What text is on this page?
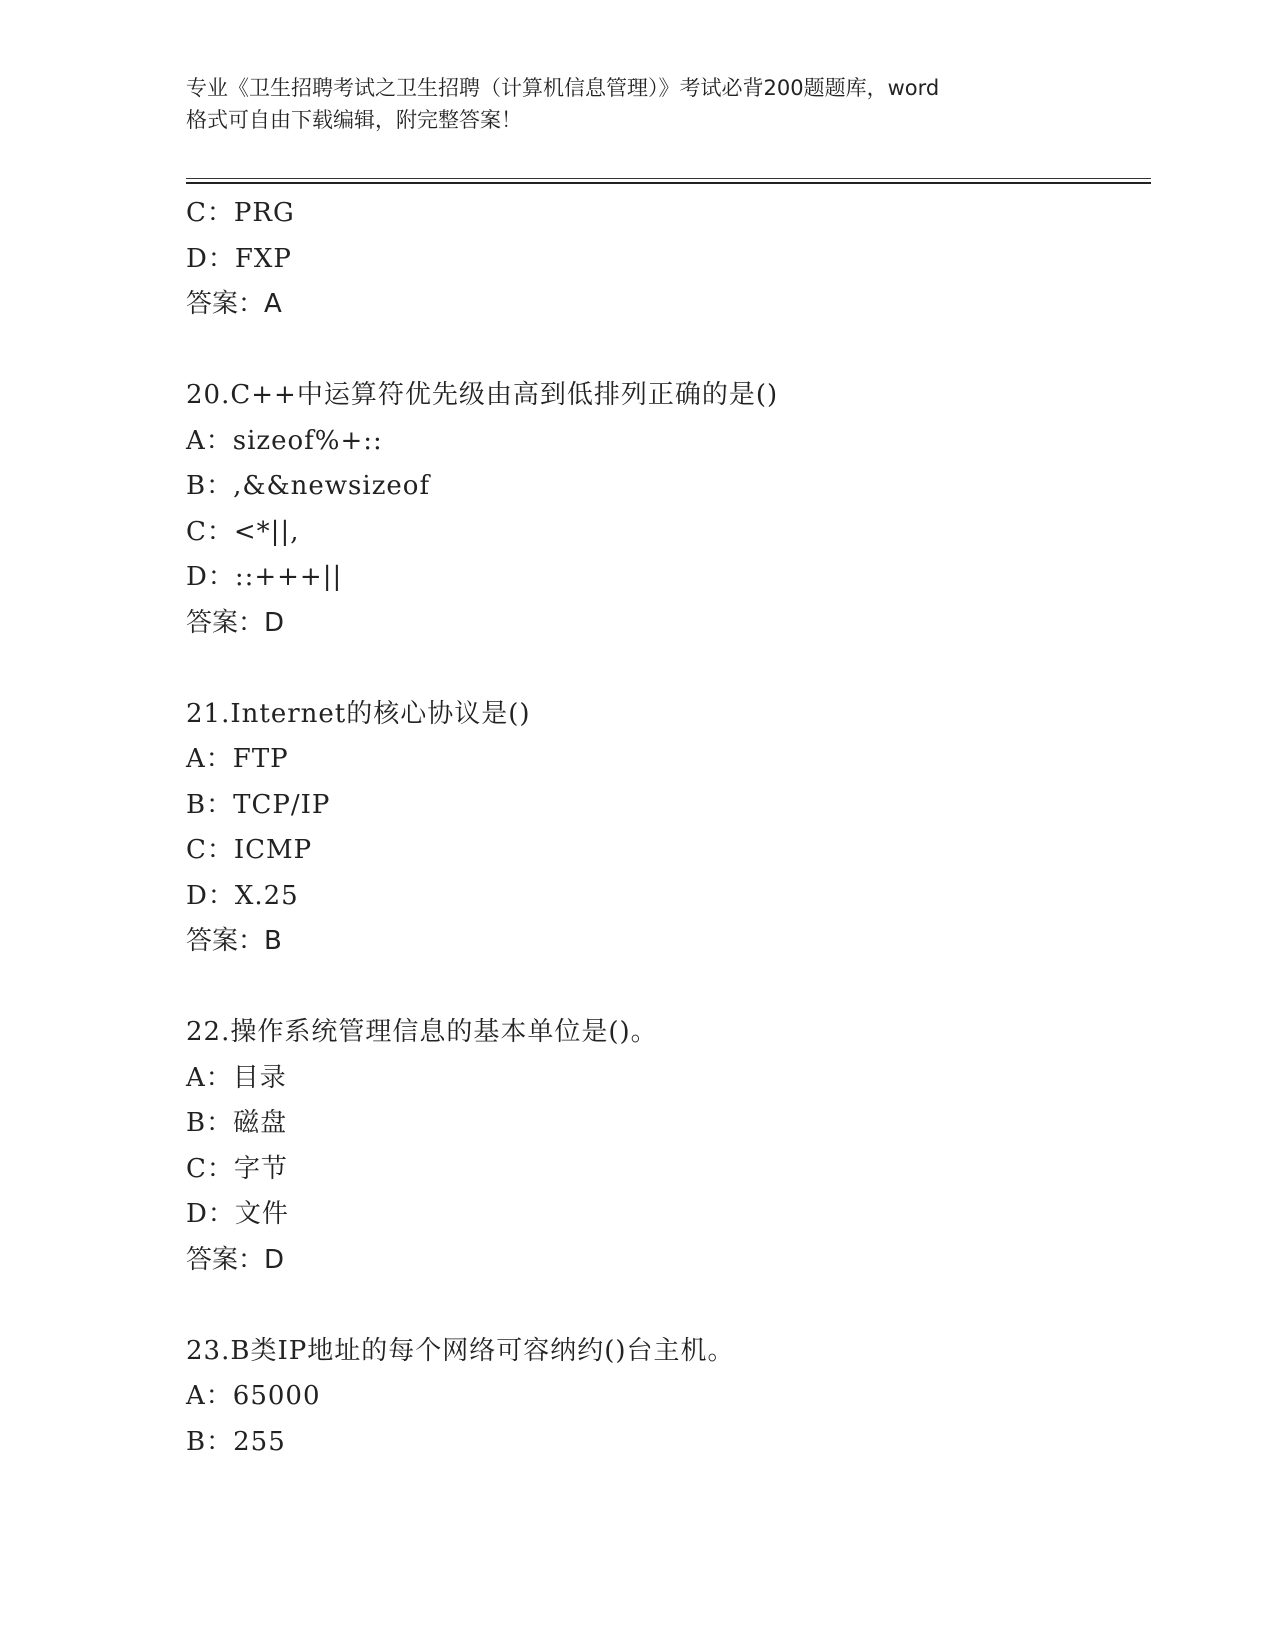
专业《卫生招聘考试之卫生招聘（计算机信息管理）》考试必背200题题库，word
格式可自由下载编辑，附完整答案！
C：PRG
D：FXP
答案：A
20.C++中运算符优先级由高到低排列正确的是()
A：sizeof%+::
B：,&&newsizeof
C：<*||,
D：::+++||
答案：D
21.Internet的核心协议是()
A：FTP
B：TCP/IP
C：ICMP
D：X.25
答案：B
22.操作系统管理信息的基本单位是()。
A：目录
B：磁盘
C：字节
D：文件
答案：D
23.B类IP地址的每个网络可容纳约()台主机。
A：65000
B：255
